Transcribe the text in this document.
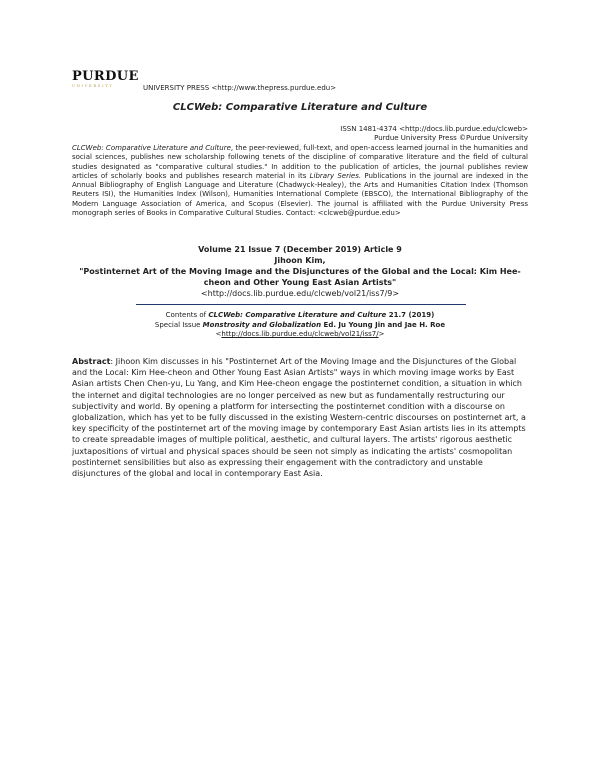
PURDUE
UNIVERSITY	UNIVERSITY PRESS <http://www.thepress.purdue.edu>
CLCWeb: Comparative Literature and Culture
ISSN 1481-4374 <http://docs.lib.purdue.edu/clcweb>
Purdue University Press ©Purdue University
CLCWeb: Comparative Literature and Culture, the peer-reviewed, full-text, and open-access learned journal in the humanities and social sciences, publishes new scholarship following tenets of the discipline of comparative literature and the field of cultural studies designated as "comparative cultural studies." In addition to the publication of articles, the journal publishes review articles of scholarly books and publishes research material in its Library Series. Publications in the journal are indexed in the Annual Bibliography of English Language and Literature (Chadwyck-Healey), the Arts and Humanities Citation Index (Thomson Reuters ISI), the Humanities Index (Wilson), Humanities International Complete (EBSCO), the International Bibliography of the Modern Language Association of America, and Scopus (Elsevier). The journal is affiliated with the Purdue University Press monograph series of Books in Comparative Cultural Studies. Contact: <clcweb@purdue.edu>
Volume 21 Issue 7 (December 2019) Article 9
Jihoon Kim,
"Postinternet Art of the Moving Image and the Disjunctures of the Global and the Local: Kim Hee-cheon and Other Young East Asian Artists"
<http://docs.lib.purdue.edu/clcweb/vol21/iss7/9>
Contents of CLCWeb: Comparative Literature and Culture 21.7 (2019)
Special Issue Monstrosity and Globalization Ed. Ju Young Jin and Jae H. Roe
<http://docs.lib.purdue.edu/clcweb/vol21/iss7/>
Abstract: Jihoon Kim discusses in his "Postinternet Art of the Moving Image and the Disjunctures of the Global and the Local: Kim Hee-cheon and Other Young East Asian Artists" ways in which moving image works by East Asian artists Chen Chen-yu, Lu Yang, and Kim Hee-cheon engage the postinternet condition, a situation in which the internet and digital technologies are no longer perceived as new but as fundamentally restructuring our subjectivity and world. By opening a platform for intersecting the postinternet condition with a discourse on globalization, which has yet to be fully discussed in the existing Western-centric discourses on postinternet art, a key specificity of the postinternet art of the moving image by contemporary East Asian artists lies in its attempts to create spreadable images of multiple political, aesthetic, and cultural layers. The artists' rigorous aesthetic juxtapositions of virtual and physical spaces should be seen not simply as indicating the artists' cosmopolitan postinternet sensibilities but also as expressing their engagement with the contradictory and unstable disjunctures of the global and local in contemporary East Asia.
